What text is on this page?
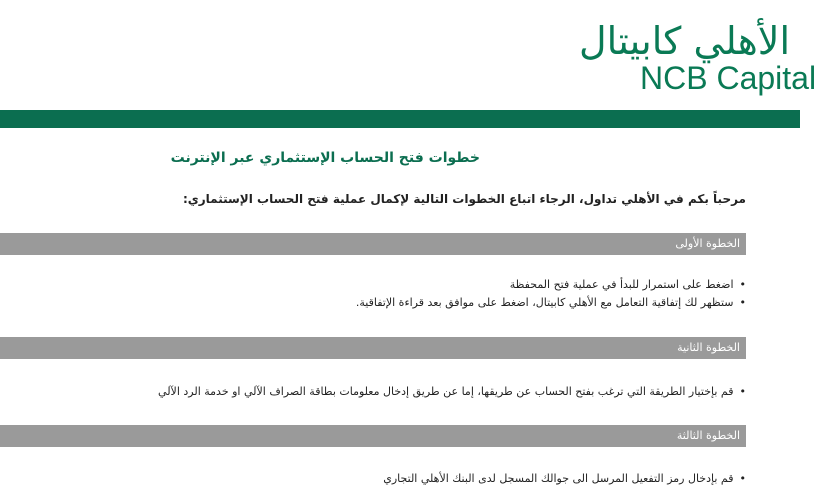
الأهلي كابيتال
NCB Capital
خطوات فتح الحساب الإستثماري عبر الإنترنت
مرحباً بكم في الأهلي تداول، الرجاء اتباع الخطوات التالية لإكمال عملية فتح الحساب الإستثماري:
الخطوة الأولى
•اضغط على استمرار للبدأ في عملية فتح المحفظة
•ستظهر لك إتفاقية التعامل مع الأهلي كابيتال، اضغط على موافق بعد قراءة الإتفاقية.
الخطوة الثانية
•قم بإختيار الطريقة التي ترغب بفتح الحساب عن طريقها، إما عن طريق إدخال معلومات بطاقة الصراف الآلي او خدمة الرد الآلي
الخطوة الثالثة
•قم بإدخال رمز التفعيل المرسل الى جوالك المسجل لدى البنك الأهلي التجاري
